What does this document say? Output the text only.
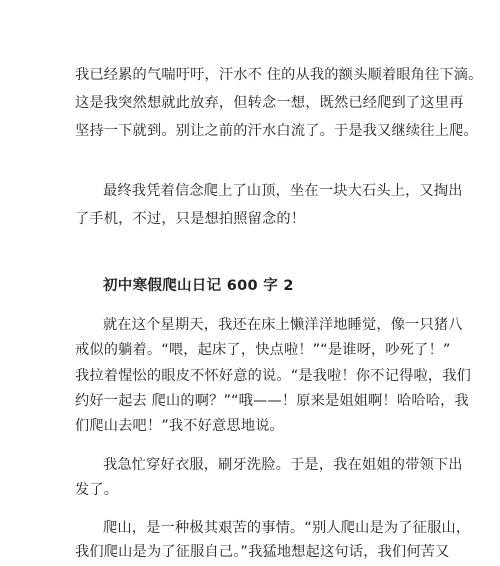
我已经累的气喘吁吁，汗水不 住的从我的额头顺着眼角往下滴。
这是我突然想就此放弃，但转念一想，既然已经爬到了这里再
坚持一下就到。别让之前的汗水白流了。于是我又继续往上爬。
最终我凭着信念爬上了山顶，坐在一块大石头上，又掏出
了手机，不过，只是想拍照留念的！
初中寒假爬山日记 600 字 2
就在这个星期天，我还在床上懒洋洋地睡觉，像一只猪八
戒似的躺着。“喂，起床了，快点啦！”“是谁呀，吵死了！”
我拉着惺忪的眼皮不怀好意的说。“是我啦！你不记得啦，我们
约好一起去 爬山的啊？”“哦——！原来是姐姐啊！哈哈哈，我
们爬山去吧！”我不好意思地说。
我急忙穿好衣服，刷牙洗脸。于是，我在姐姐的带领下出
发了。
爬山，是一种极其艰苦的事情。“别人爬山是为了征服山，
我们爬山是为了征服自己。”我猛地想起这句话，我们何苦又
